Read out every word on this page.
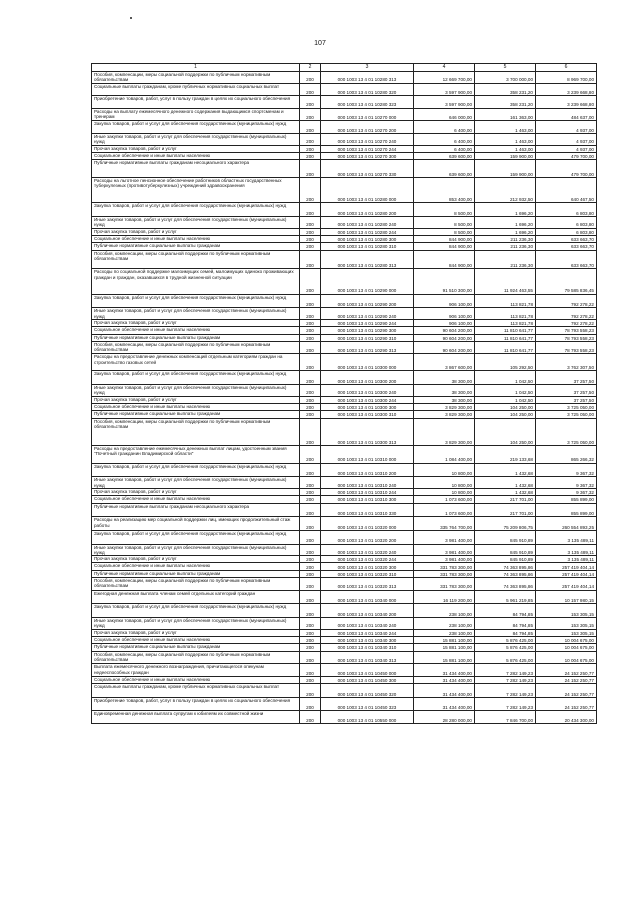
107
1	2	3	4	5	6
Пособия, компенсации, меры социальной поддержки по публичным нормативным обязательствам	200	000 1003 13 4 01 10280 313	12 669 700,00	3 700 000,00	8 969 700,00
Социальные выплаты гражданам, кроме публичных нормативных социальных выплат	200	000 1003 13 4 01 10280 320	3 597 900,00	358 231,20	3 239 668,80
Приобретение товаров, работ, услуг в пользу граждан в целях их социального обеспечения	200	000 1003 13 4 01 10280 323	3 597 900,00	358 231,20	3 239 668,80
Расходы на выплату ежемесячного денежного содержания выдающимся спортсменам и тренерам	200	000 1003 13 4 01 10270 000	646 000,00	161 363,00	484 637,00
Закупка товаров, работ и услуг для обеспечения государственных (муниципальных) нужд	200	000 1003 13 4 01 10270 200	6 400,00	1 463,00	4 937,00
Иные закупки товаров, работ и услуг для обеспечения государственных (муниципальных) нужд	200	000 1003 13 4 01 10270 240	6 400,00	1 463,00	4 937,00
Прочая закупка товаров, работ и услуг	200	000 1003 13 4 01 10270 244	6 400,00	1 463,00	4 937,00
Социальное обеспечение и иные выплаты населению	200	000 1003 13 4 01 10270 300	639 600,00	159 900,00	479 700,00
Публичные нормативные выплаты гражданам несоциального характера	200	000 1003 13 4 01 10270 330	639 600,00	159 900,00	479 700,00
Расходы на льготное пенсионное обеспечение работников областных государственных туберкулезных (противотуберкулезных) учреждений здравоохранения	200	000 1003 13 4 01 10280 000	853 400,00	212 932,50	640 467,50
Закупка товаров, работ и услуг для обеспечения государственных (муниципальных) нужд	200	000 1003 13 4 01 10280 200	8 500,00	1 696,20	6 803,80
Иные закупки товаров, работ и услуг для обеспечения государственных (муниципальных) нужд	200	000 1003 13 4 01 10280 240	8 500,00	1 696,20	6 803,80
Прочая закупка товаров, работ и услуг	200	000 1003 13 4 01 10280 244	8 500,00	1 696,20	6 803,80
Социальное обеспечение и иные выплаты населению	200	000 1003 13 4 01 10280 300	844 900,00	211 236,30	633 663,70
Публичные нормативные социальные выплаты гражданам	200	000 1003 13 4 01 10280 310	844 900,00	211 236,30	633 663,70
Пособия, компенсации, меры социальной поддержки по публичным нормативным обязательствам	200	000 1003 13 4 01 10280 313	844 900,00	211 236,30	633 663,70
Расходы по социальной поддержке малоимущих семей, малоимущих одиноко проживающих граждан и граждан, оказавшихся в трудной жизненной ситуации	200	000 1003 13 4 01 10290 000	91 510 300,00	11 924 463,55	79 585 836,45
Закупка товаров, работ и услуг для обеспечения государственных (муниципальных) нужд	200	000 1003 13 4 01 10290 200	906 100,00	113 821,78	792 278,22
Иные закупки товаров, работ и услуг для обеспечения государственных (муниципальных) нужд	200	000 1003 13 4 01 10290 240	906 100,00	113 821,78	792 278,22
Прочая закупка товаров, работ и услуг	200	000 1003 13 4 01 10290 244	906 100,00	113 821,78	792 278,22
Социальное обеспечение и иные выплаты населению	200	000 1003 13 4 01 10290 300	90 604 200,00	11 810 641,77	78 793 558,23
Публичные нормативные социальные выплаты гражданам	200	000 1003 13 4 01 10290 310	90 604 200,00	11 810 641,77	78 793 558,23
Пособия, компенсации, меры социальной поддержки по публичным нормативным обязательствам	200	000 1003 13 4 01 10290 313	90 604 200,00	11 810 641,77	78 793 558,23
Расходы на предоставление денежных компенсаций отдельным категориям граждан на строительство газовых сетей	200	000 1003 13 4 01 10300 000	3 867 600,00	105 292,50	3 762 307,50
Закупка товаров, работ и услуг для обеспечения государственных (муниципальных) нужд	200	000 1003 13 4 01 10300 200	38 300,00	1 042,50	37 257,50
Иные закупки товаров, работ и услуг для обеспечения государственных (муниципальных) нужд	200	000 1003 13 4 01 10300 240	38 300,00	1 042,50	37 257,50
Прочая закупка товаров, работ и услуг	200	000 1003 13 4 01 10300 244	38 300,00	1 042,50	37 257,50
Социальное обеспечение и иные выплаты населению	200	000 1003 13 4 01 10300 300	3 829 300,00	104 250,00	3 725 050,00
Публичные нормативные социальные выплаты гражданам	200	000 1003 13 4 01 10300 310	3 829 300,00	104 250,00	3 725 050,00
Пособия, компенсации, меры социальной поддержки по публичным нормативным обязательствам	200	000 1003 13 4 01 10300 313	3 829 300,00	104 250,00	3 725 050,00
Расходы на предоставление ежемесячных денежных выплат лицам, удостоенным звания "Почетный гражданин Владимирской области"	200	000 1003 13 4 01 10310 000	1 084 400,00	219 133,68	865 266,32
Закупка товаров, работ и услуг для обеспечения государственных (муниципальных) нужд	200	000 1003 13 4 01 10310 200	10 800,00	1 432,68	9 367,32
Иные закупки товаров, работ и услуг для обеспечения государственных (муниципальных) нужд	200	000 1003 13 4 01 10310 240	10 800,00	1 432,68	9 367,32
Прочая закупка товаров, работ и услуг	200	000 1003 13 4 01 10310 244	10 800,00	1 432,68	9 367,32
Социальное обеспечение и иные выплаты населению	200	000 1003 13 4 01 10310 300	1 073 600,00	217 701,00	855 899,00
Публичные нормативные выплаты гражданам несоциального характера	200	000 1003 13 4 01 10310 330	1 073 600,00	217 701,00	855 899,00
Расходы на реализацию мер социальной поддержки лиц, имеющих продолжительный стаж работы	200	000 1003 13 4 01 10320 000	335 764 700,00	75 209 806,75	260 554 893,25
Закупка товаров, работ и услуг для обеспечения государственных (муниципальных) нужд	200	000 1003 13 4 01 10320 200	3 981 400,00	845 910,89	3 135 489,11
Иные закупки товаров, работ и услуг для обеспечения государственных (муниципальных) нужд	200	000 1003 13 4 01 10320 240	3 981 400,00	845 910,89	3 135 489,11
Прочая закупка товаров, работ и услуг	200	000 1003 13 4 01 10320 244	3 981 400,00	845 910,89	3 135 489,11
Социальное обеспечение и иные выплаты населению	200	000 1003 13 4 01 10320 300	331 783 300,00	74 363 895,86	257 419 404,14
Публичные нормативные социальные выплаты гражданам	200	000 1003 13 4 01 10320 310	331 783 300,00	74 363 895,86	257 419 404,14
Пособия, компенсации, меры социальной поддержки по публичным нормативным обязательствам	200	000 1003 13 4 01 10320 313	331 783 300,00	74 363 895,86	257 419 404,14
Ежегодная денежная выплата членам семей отдельных категорий граждан	200	000 1003 13 4 01 10340 000	16 119 200,00	5 961 219,85	10 157 980,15
Закупка товаров, работ и услуг для обеспечения государственных (муниципальных) нужд	200	000 1003 13 4 01 10340 200	238 100,00	84 794,85	153 305,15
Иные закупки товаров, работ и услуг для обеспечения государственных (муниципальных) нужд	200	000 1003 13 4 01 10340 240	238 100,00	84 794,85	153 305,15
Прочая закупка товаров, работ и услуг	200	000 1003 13 4 01 10340 244	238 100,00	84 794,85	153 305,15
Социальное обеспечение и иные выплаты населению	200	000 1003 13 4 01 10340 300	15 881 100,00	5 876 425,00	10 004 675,00
Публичные нормативные социальные выплаты гражданам	200	000 1003 13 4 01 10340 310	15 881 100,00	5 876 425,00	10 004 675,00
Пособия, компенсации, меры социальной поддержки по публичным нормативным обязательствам	200	000 1003 13 4 01 10340 313	15 881 100,00	5 876 425,00	10 004 675,00
Выплата ежемесячного денежного вознаграждения, причитающегося опекунам недееспособных граждан	200	000 1003 13 4 01 10450 000	31 434 400,00	7 282 149,23	24 152 250,77
Социальное обеспечение и иные выплаты населению	200	000 1003 13 4 01 10450 300	31 434 400,00	7 282 149,23	24 152 250,77
Социальные выплаты гражданам, кроме публичных нормативных социальных выплат	200	000 1003 13 4 01 10450 320	31 434 400,00	7 282 149,23	24 152 250,77
Приобретение товаров, работ, услуг в пользу граждан в целях их социального обеспечения	200	000 1003 13 4 01 10450 323	31 434 400,00	7 282 149,23	24 152 250,77
Единовременная денежная выплата супругам к юбилеям их совместной жизни	200	000 1003 13 4 01 10550 000	28 280 000,00	7 846 700,00	20 434 300,00
